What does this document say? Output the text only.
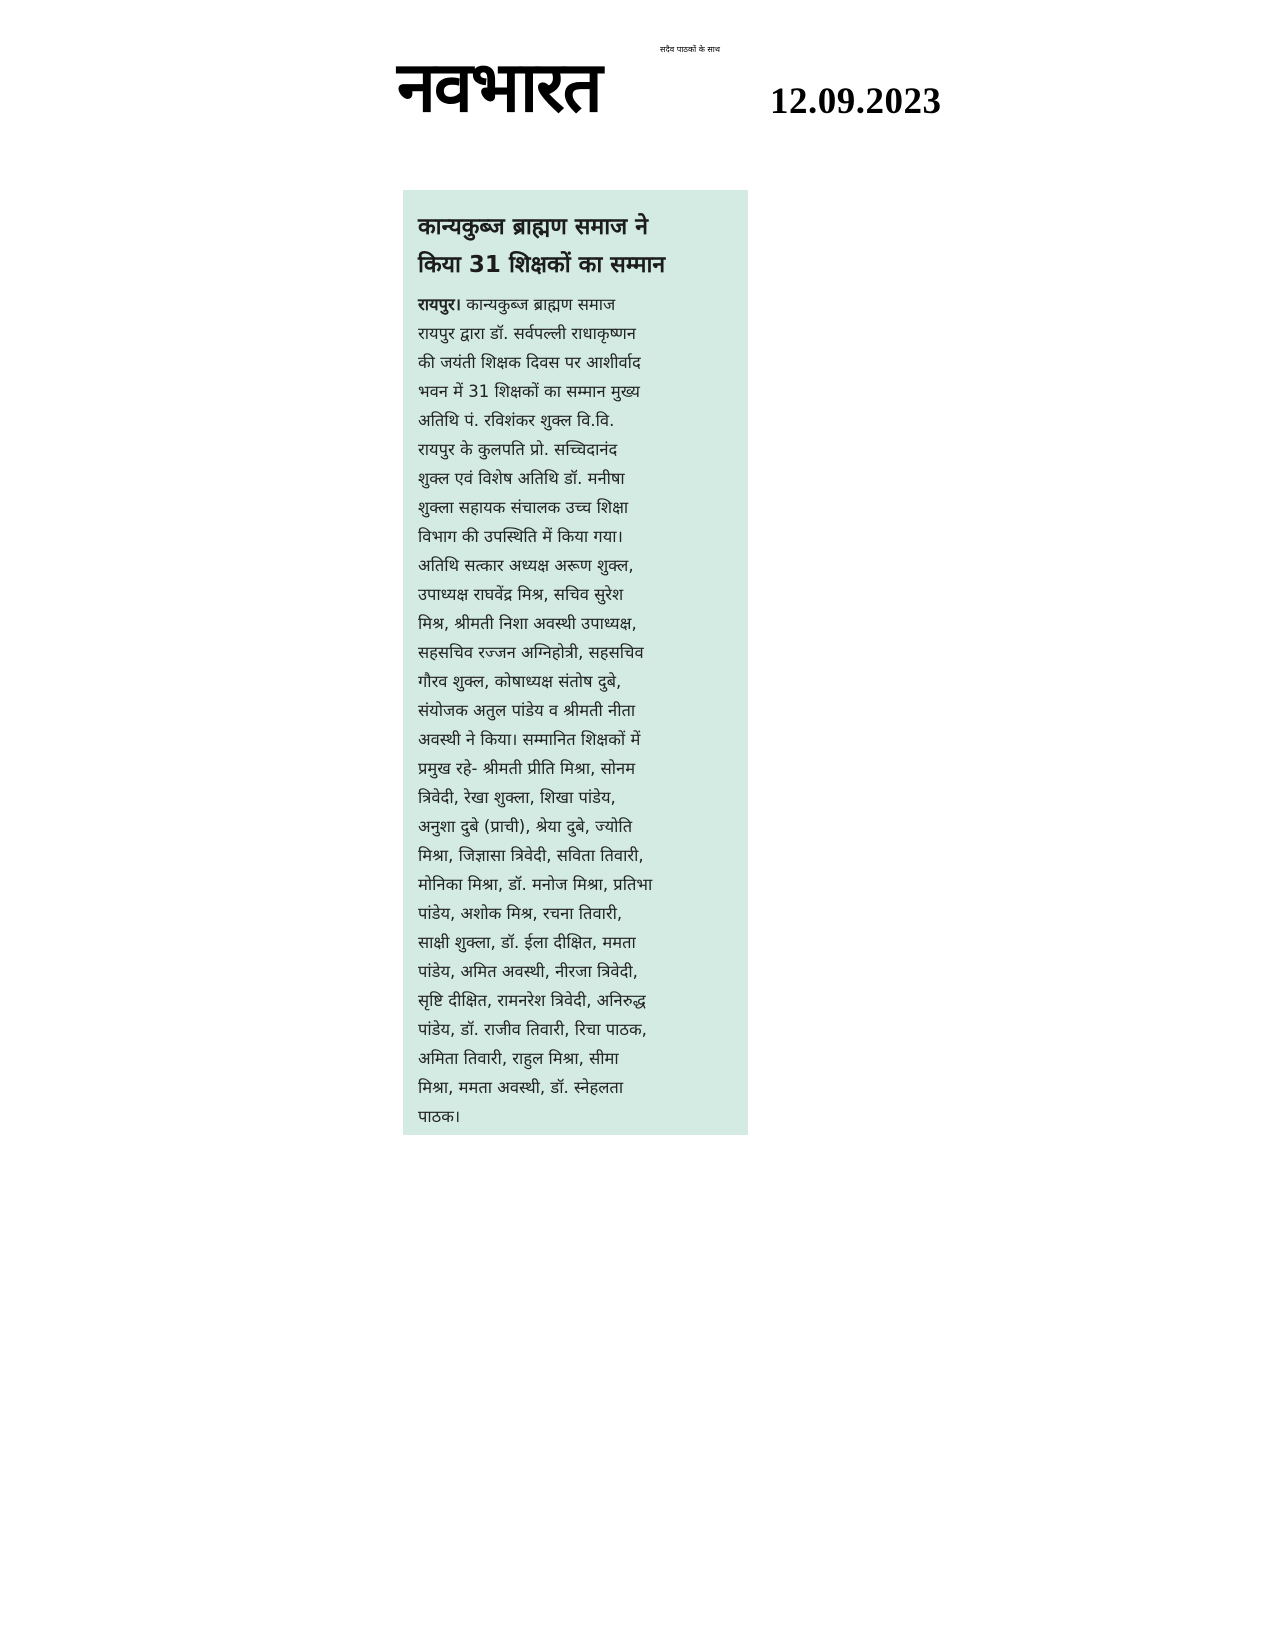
नवभारत	सदैव पाठकों के साथ
12.09.2023
कान्यकुब्ज ब्राह्मण समाज ने
किया 31 शिक्षकों का सम्मान
रायपुर। कान्यकुब्ज ब्राह्मण समाज
रायपुर द्वारा डॉ. सर्वपल्ली राधाकृष्णन
की जयंती शिक्षक दिवस पर आशीर्वाद
भवन में 31 शिक्षकों का सम्मान मुख्य
अतिथि पं. रविशंकर शुक्ल वि.वि.
रायपुर के कुलपति प्रो. सच्चिदानंद
शुक्ल एवं विशेष अतिथि डॉ. मनीषा
शुक्ला सहायक संचालक उच्च शिक्षा
विभाग की उपस्थिति में किया गया।
अतिथि सत्कार अध्यक्ष अरूण शुक्ल,
उपाध्यक्ष राघवेंद्र मिश्र, सचिव सुरेश
मिश्र, श्रीमती निशा अवस्थी उपाध्यक्ष,
सहसचिव रज्जन अग्निहोत्री, सहसचिव
गौरव शुक्ल, कोषाध्यक्ष संतोष दुबे,
संयोजक अतुल पांडेय व श्रीमती नीता
अवस्थी ने किया। सम्मानित शिक्षकों में
प्रमुख रहे- श्रीमती प्रीति मिश्रा, सोनम
त्रिवेदी, रेखा शुक्ला, शिखा पांडेय,
अनुशा दुबे (प्राची), श्रेया दुबे, ज्योति
मिश्रा, जिज्ञासा त्रिवेदी, सविता तिवारी,
मोनिका मिश्रा, डॉ. मनोज मिश्रा, प्रतिभा
पांडेय, अशोक मिश्र, रचना तिवारी,
साक्षी शुक्ला, डॉ. ईला दीक्षित, ममता
पांडेय, अमित अवस्थी, नीरजा त्रिवेदी,
सृष्टि दीक्षित, रामनरेश त्रिवेदी, अनिरुद्ध
पांडेय, डॉ. राजीव तिवारी, रिचा पाठक,
अमिता तिवारी, राहुल मिश्रा, सीमा
मिश्रा, ममता अवस्थी, डॉ. स्नेहलता
पाठक।
